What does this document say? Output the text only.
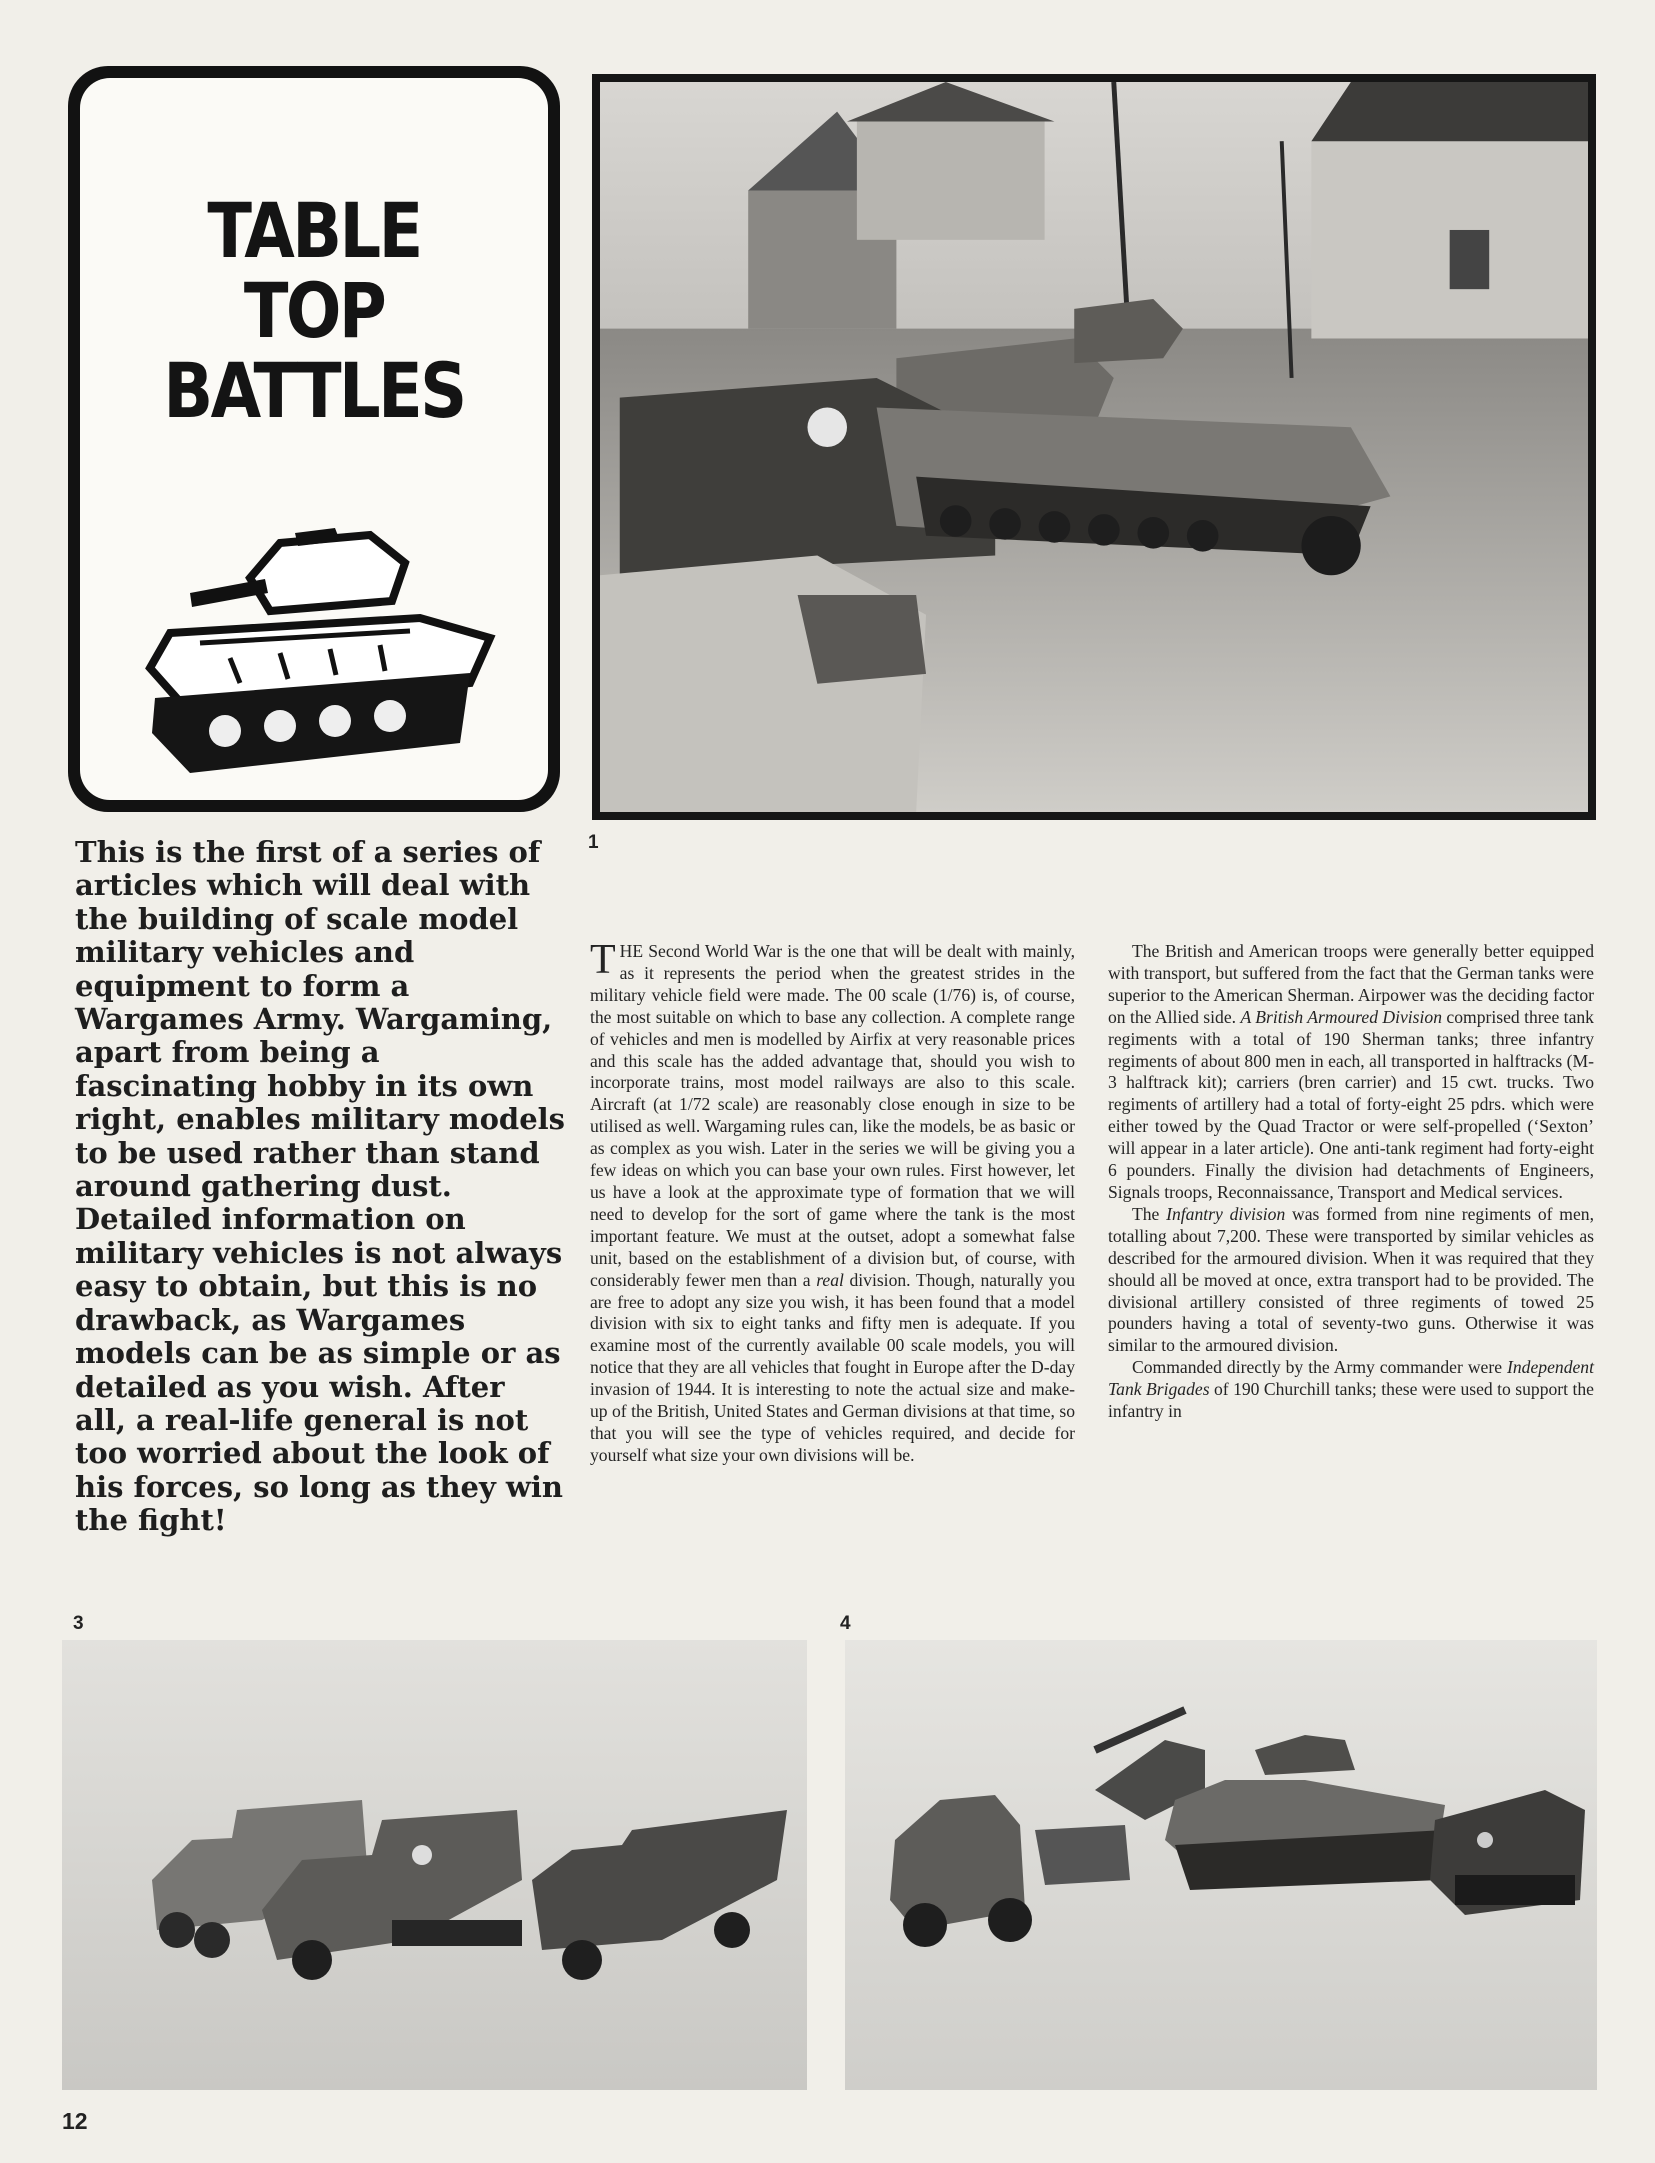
TABLE
TOP
BATTLES
1
This is the first of a series of articles which will deal with the building of scale model military vehicles and equipment to form a Wargames Army. Wargaming, apart from being a fascinating hobby in its own right, enables military models to be used rather than stand around gathering dust. Detailed information on military vehicles is not always easy to obtain, but this is no drawback, as Wargames models can be as simple or as detailed as you wish. After all, a real-life general is not too worried about the look of his forces, so long as they win the fight!

THE Second World War is the one that will be dealt with mainly, as it represents the period when the greatest strides in the military vehicle field were made. The 00 scale (1/76) is, of course, the most suitable on which to base any collection. A complete range of vehicles and men is modelled by Airfix at very reasonable prices and this scale has the added advantage that, should you wish to incorporate trains, most model railways are also to this scale. Aircraft (at 1/72 scale) are reasonably close enough in size to be utilised as well. Wargaming rules can, like the models, be as basic or as complex as you wish. Later in the series we will be giving you a few ideas on which you can base your own rules. First however, let us have a look at the approximate type of formation that we will need to develop for the sort of game where the tank is the most important feature. We must at the outset, adopt a somewhat false unit, based on the establishment of a division but, of course, with considerably fewer men than a real division. Though, naturally you are free to adopt any size you wish, it has been found that a model division with six to eight tanks and fifty men is adequate. If you examine most of the currently available 00 scale models, you will notice that they are all vehicles that fought in Europe after the D-day invasion of 1944. It is interesting to note the actual size and make-up of the British, United States and German divisions at that time, so that you will see the type of vehicles required, and decide for yourself what size your own divisions will be.

The British and American troops were generally better equipped with transport, but suffered from the fact that the German tanks were superior to the American Sherman. Airpower was the deciding factor on the Allied side. A British Armoured Division comprised three tank regiments with a total of 190 Sherman tanks; three infantry regiments of about 800 men in each, all transported in halftracks (M-3 halftrack kit); carriers (bren carrier) and 15 cwt. trucks. Two regiments of artillery had a total of forty-eight 25 pdrs. which were either towed by the Quad Tractor or were self-propelled (‘Sexton’ will appear in a later article). One anti-tank regiment had forty-eight 6 pounders. Finally the division had detachments of Engineers, Signals troops, Reconnaissance, Transport and Medical services.

The Infantry division was formed from nine regiments of men, totalling about 7,200. These were transported by similar vehicles as described for the armoured division. When it was required that they should all be moved at once, extra transport had to be provided. The divisional artillery consisted of three regiments of towed 25 pounders having a total of seventy-two guns. Otherwise it was similar to the armoured division.

Commanded directly by the Army commander were Independent Tank Brigades of 190 Churchill tanks; these were used to support the infantry in

3	4
12
